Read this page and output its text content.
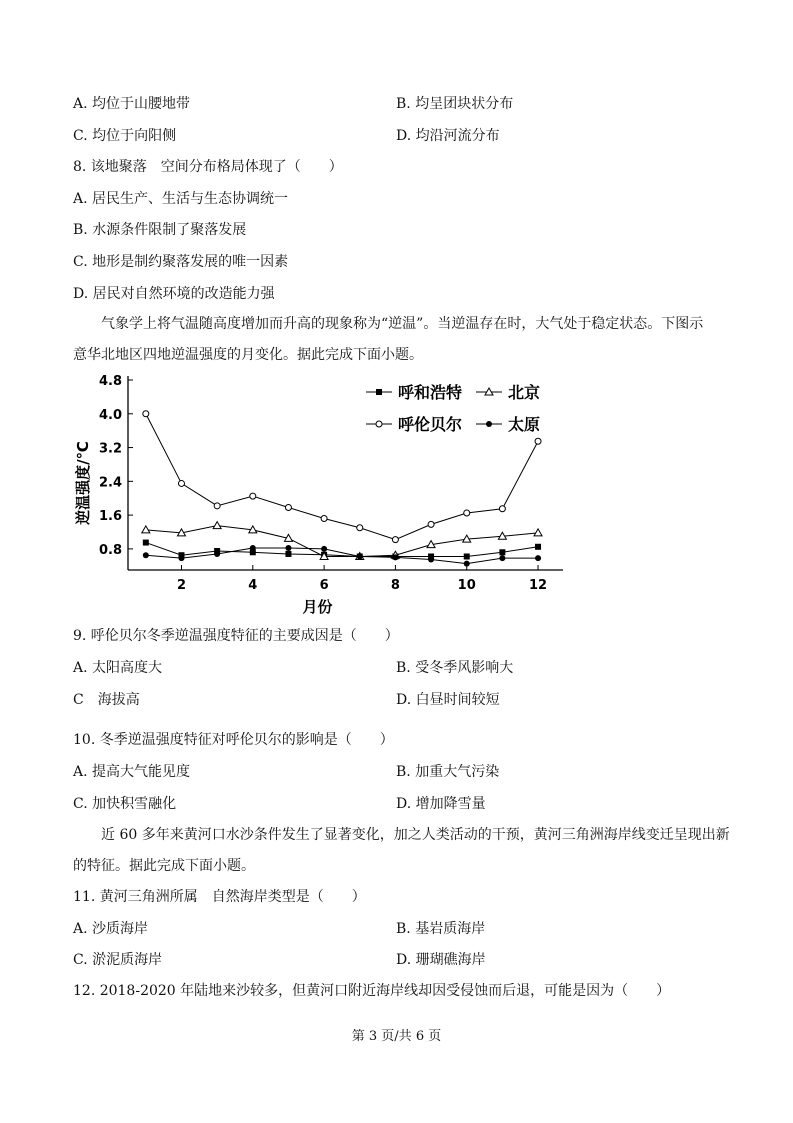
A. 均位于山腰地带	B. 均呈团块状分布
C. 均位于向阳侧	D. 均沿河流分布
8. 该地聚落　空间分布格局体现了（　　）
A. 居民生产、生活与生态协调统一
B. 水源条件限制了聚落发展
C. 地形是制约聚落发展的唯一因素
D. 居民对自然环境的改造能力强
气象学上将气温随高度增加而升高的现象称为“逆温”。当逆温存在时，大气处于稳定状态。下图示
意华北地区四地逆温强度的月变化。据此完成下面小题。
0.8
1.6
2.4
3.2
4.0
4.8
2	4	6	8	10	12
月份
逆温强度/℃
呼和浩特	北京
呼伦贝尔	太原
9. 呼伦贝尔冬季逆温强度特征的主要成因是（　　）
A. 太阳高度大	B. 受冬季风影响大
C　海拔高	D. 白昼时间较短
10. 冬季逆温强度特征对呼伦贝尔的影响是（　　）
A. 提高大气能见度	B. 加重大气污染
C. 加快积雪融化	D. 增加降雪量
近 60 多年来黄河口水沙条件发生了显著变化，加之人类活动的干预，黄河三角洲海岸线变迁呈现出新
的特征。据此完成下面小题。
11. 黄河三角洲所属　自然海岸类型是（　　）
A. 沙质海岸	B. 基岩质海岸
C. 淤泥质海岸	D. 珊瑚礁海岸
12. 2018-2020 年陆地来沙较多，但黄河口附近海岸线却因受侵蚀而后退，可能是因为（　　）
第 3 页/共 6 页
